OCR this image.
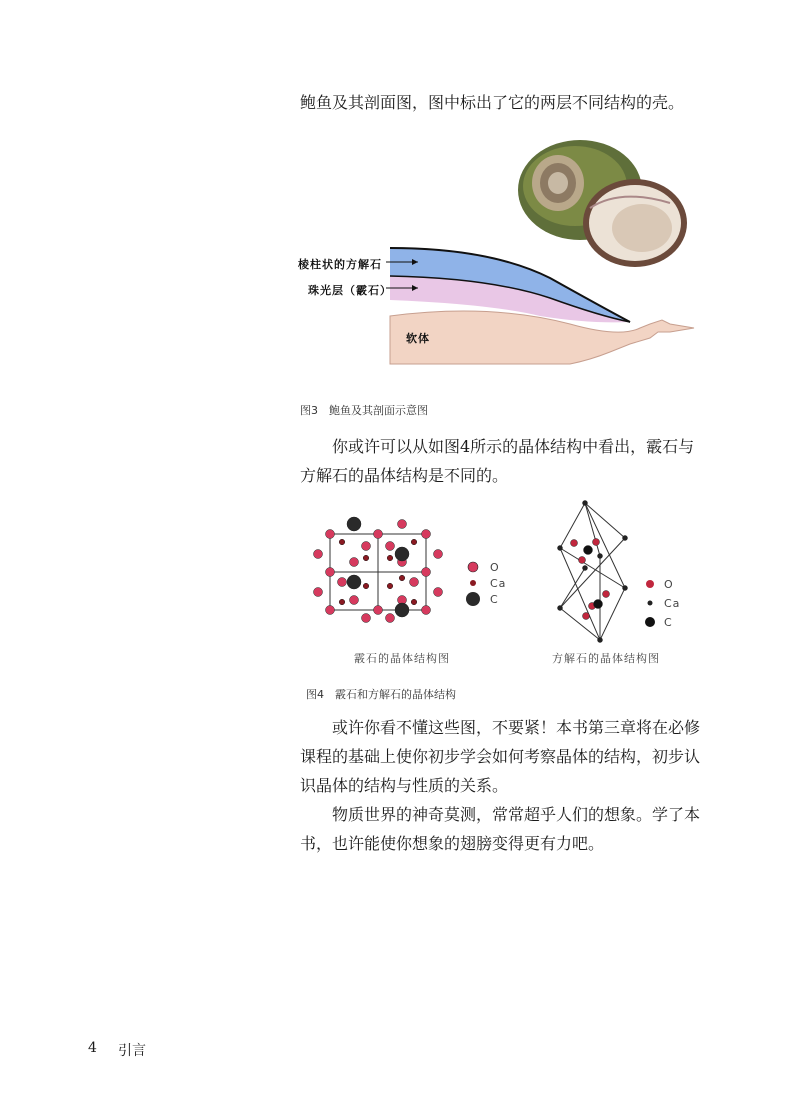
鲍鱼及其剖面图，图中标出了它的两层不同结构的壳。

棱柱状的方解石
珠光层（霰石）
软体
图3　鲍鱼及其剖面示意图

你或许可以从如图4所示的晶体结构中看出，霰石与方解石的晶体结构是不同的。

O
Ca
C
O
Ca
C
霰石的晶体结构图	方解石的晶体结构图
图4　霰石和方解石的晶体结构

或许你看不懂这些图，不要紧！本书第三章将在必修课程的基础上使你初步学会如何考察晶体的结构，初步认识晶体的结构与性质的关系。

物质世界的神奇莫测，常常超乎人们的想象。学了本书，也许能使你想象的翅膀变得更有力吧。

4 引言
